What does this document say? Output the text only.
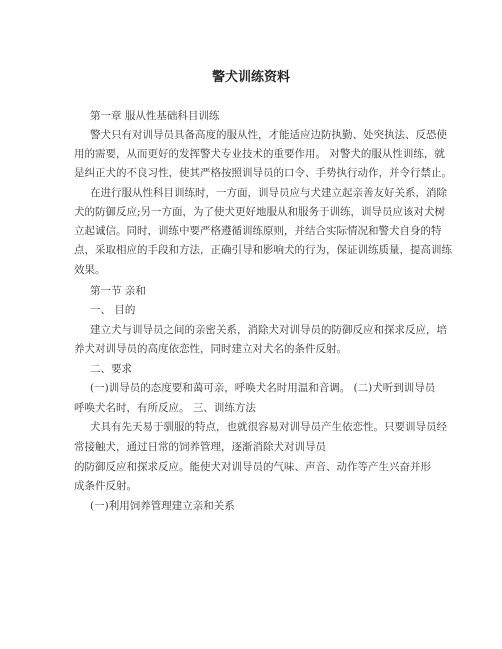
警犬训练资料
第一章 服从性基础科目训练
警犬只有对训导员具备高度的服从性，才能适应边防执勤、处突执法、反恐使
用的需要，从而更好的发挥警犬专业技术的重要作用。 对警犬的服从性训练，就
是纠正犬的不良习性，使其严格按照训导员的口令、手势执行动作，并令行禁止。
在进行服从性科目训练时，一方面，训导员应与犬建立起亲善友好关系，消除
犬的防御反应;另一方面，为了使犬更好地服从和服务于训练，训导员应该对犬树
立起诚信。同时，训练中要严格遵循训练原则，并结合实际情况和警犬自身的特
点，采取相应的手段和方法，正确引导和影响犬的行为，保证训练质量，提高训练
效果。
第一节 亲和
一、 目的
建立犬与训导员之间的亲密关系，消除犬对训导员的防御反应和探求反应，培
养犬对训导员的高度依恋性，同时建立对犬名的条件反射。
二、要求
(一)训导员的态度要和蔼可亲，呼唤犬名时用温和音调。 (二)犬听到训导员
呼唤犬名时，有所反应。 三、训练方法
犬具有先天易于驯服的特点，也就很容易对训导员产生依恋性。只要训导员经
常接触犬，通过日常的饲养管理，逐渐消除犬对训导员
的防御反应和探求反应。能使犬对训导员的气味、声音、动作等产生兴奋并形
成条件反射。
(一)利用饲养管理建立亲和关系
